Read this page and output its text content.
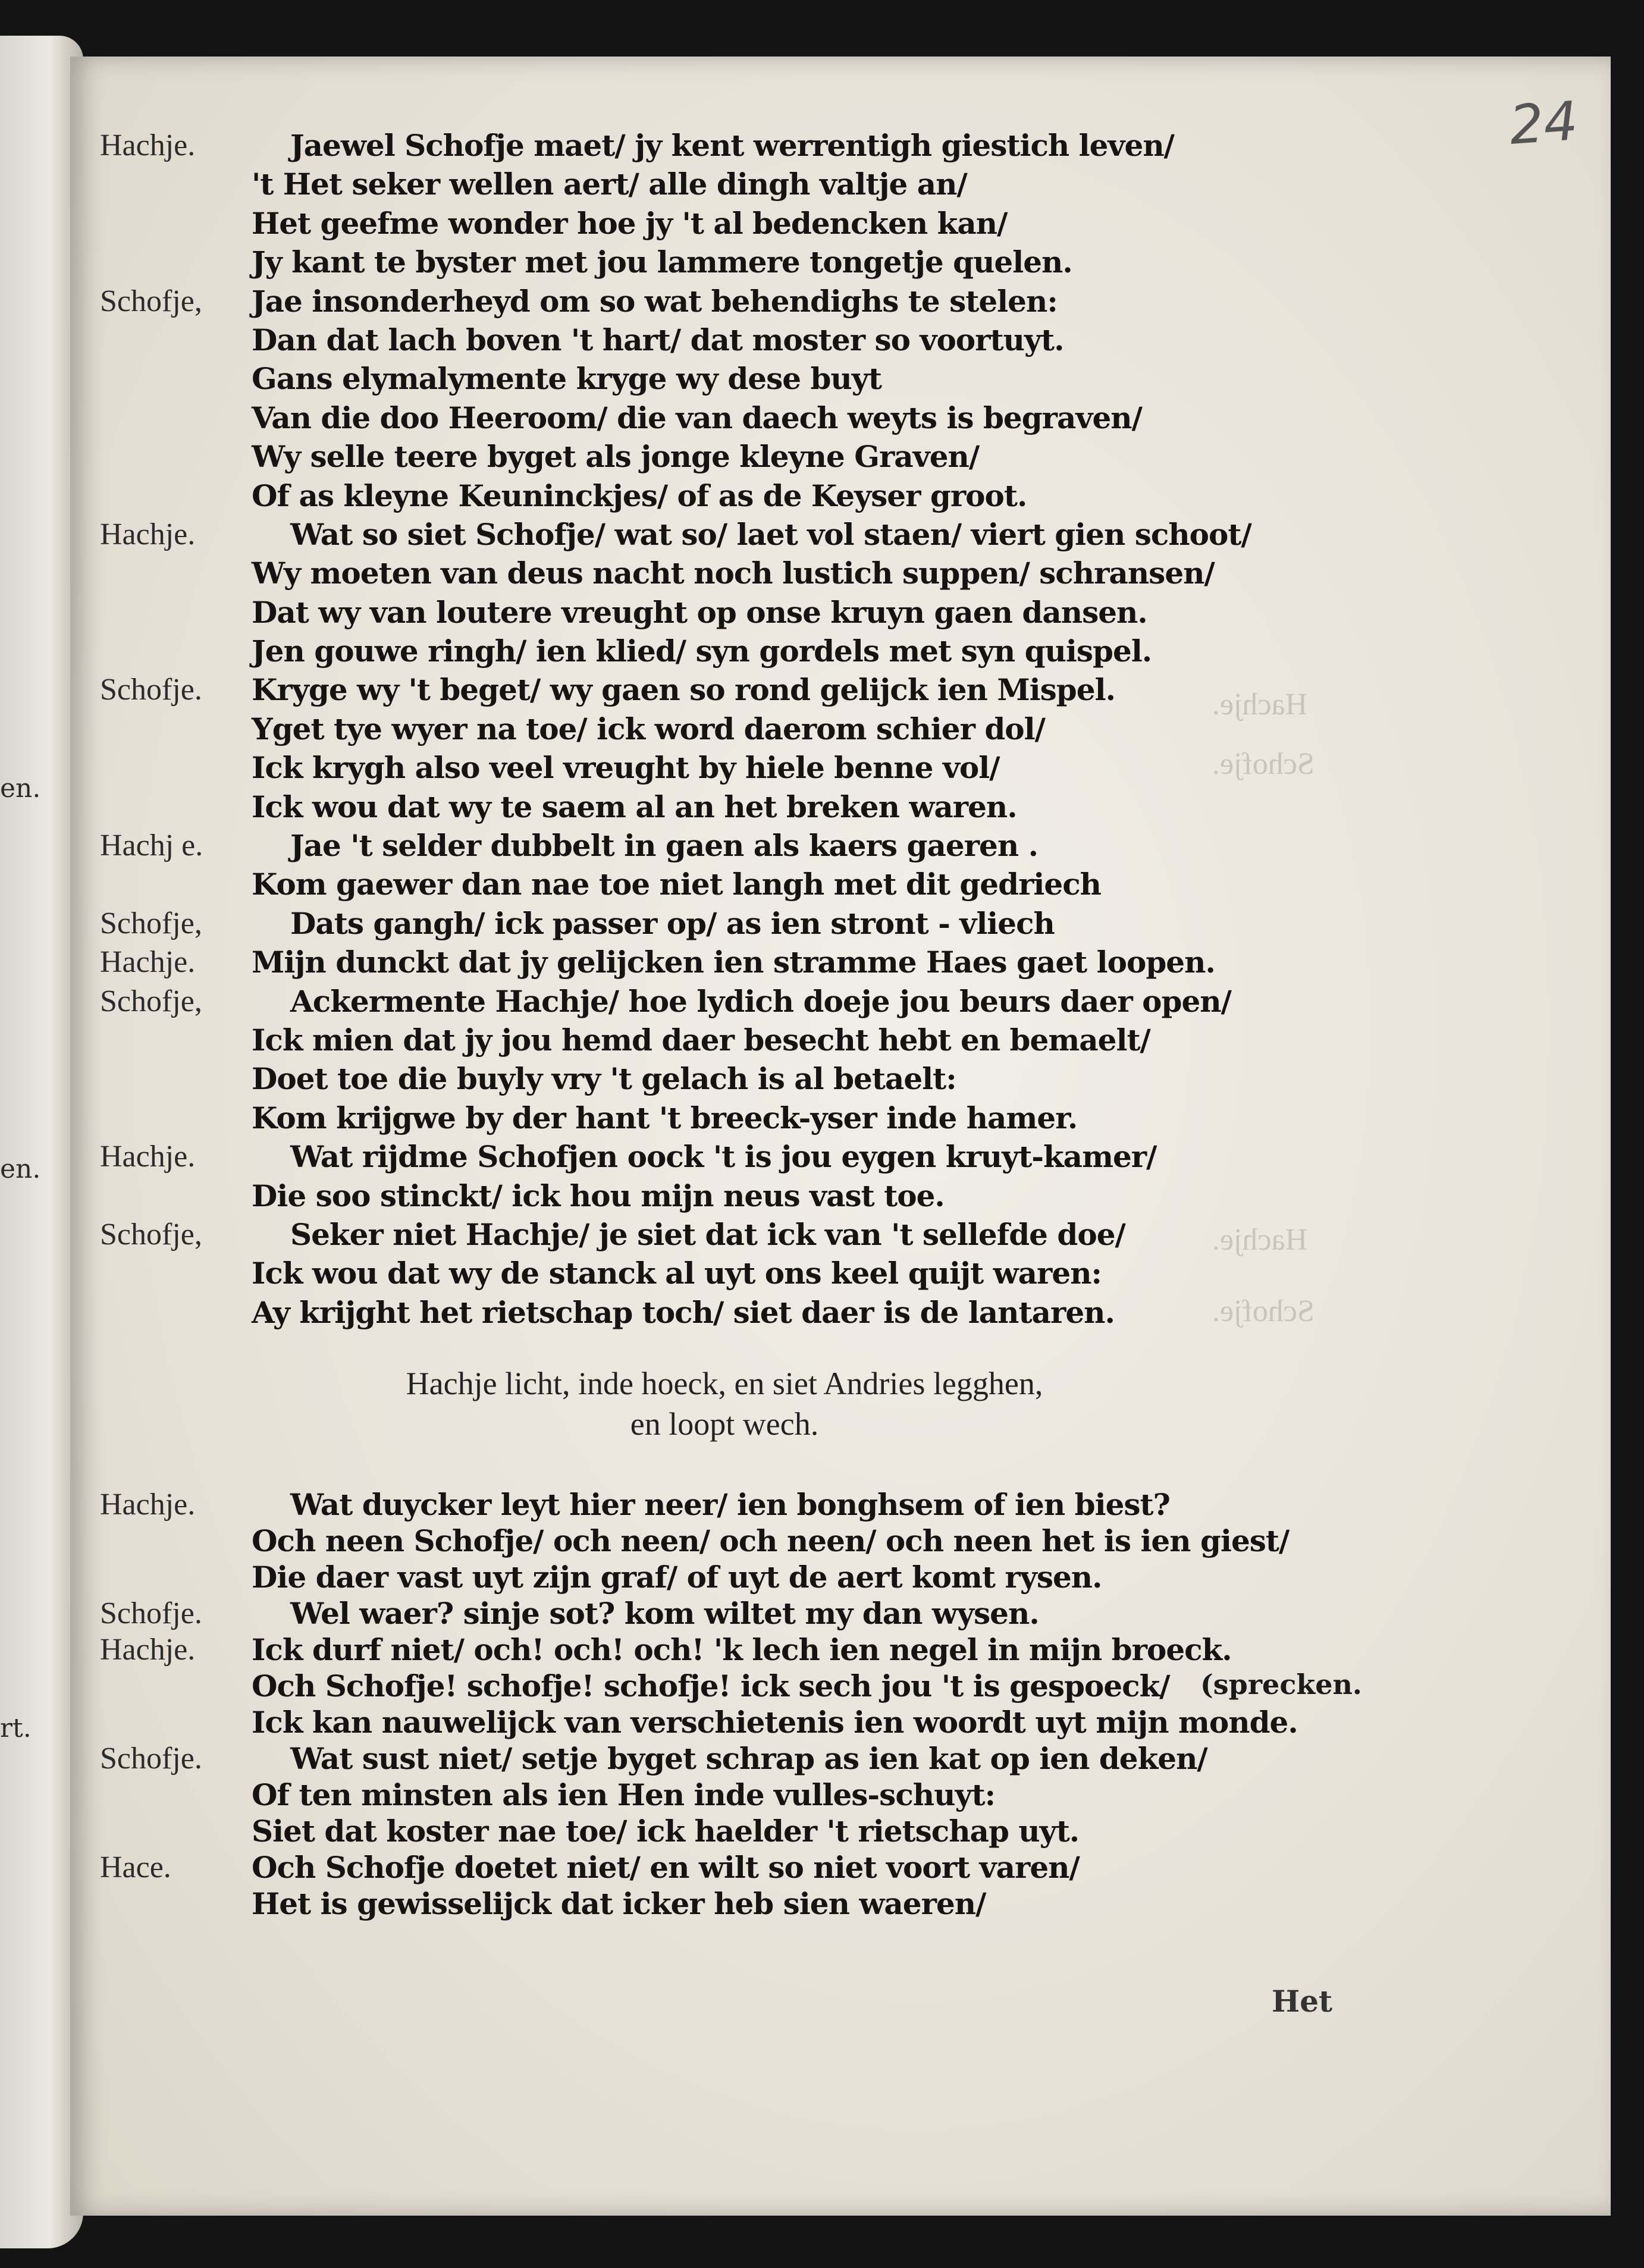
en.
en.
rt.
24
Hachje.
Schofje.
Hachje.
Schofje.
Hachje.	Jaewel Schofje maet/ jy kent werrentigh giestich leven/
't Het seker wellen aert/ alle dingh valtje an/
Het geefme wonder hoe jy 't al bedencken kan/
Jy kant te byster met jou lammere tongetje quelen.
Schofje, Jae insonderheyd om so wat behendighs te stelen:
Dan dat lach boven 't hart/ dat moster so voortuyt.
Gans elymalymente kryge wy dese buyt
Van die doo Heeroom/ die van daech weyts is begraven/
Wy selle teere byget als jonge kleyne Graven/
Of as kleyne Keuninckjes/ of as de Keyser groot.
Hachje.	Wat so siet Schofje/ wat so/ laet vol staen/ viert gien schoot/
Wy moeten van deus nacht noch lustich suppen/ schransen/
Dat wy van loutere vreught op onse kruyn gaen dansen.
Jen gouwe ringh/ ien klied/ syn gordels met syn quispel.
Schofje. Kryge wy 't beget/ wy gaen so rond gelijck ien Mispel.
Yget tye wyer na toe/ ick word daerom schier dol/
Ick krygh also veel vreught by hiele benne vol/
Ick wou dat wy te saem al an het breken waren.
Hachj e.	Jae 't selder dubbelt in gaen als kaers gaeren .
Kom gaewer dan nae toe niet langh met dit gedriech
Schofje,	Dats gangh/ ick passer op/ as ien stront - vliech
Hachje. Mijn dunckt dat jy gelijcken ien stramme Haes gaet loopen.
Schofje,	Ackermente Hachje/ hoe lydich doeje jou beurs daer open/
Ick mien dat jy jou hemd daer besecht hebt en bemaelt/
Doet toe die buyly vry 't gelach is al betaelt:
Kom krijgwe by der hant 't breeck-yser inde hamer.
Hachje.	Wat rijdme Schofjen oock 't is jou eygen kruyt-kamer/
Die soo stinckt/ ick hou mijn neus vast toe.
Schofje,	Seker niet Hachje/ je siet dat ick van 't sellefde doe/
Ick wou dat wy de stanck al uyt ons keel quijt waren:
Ay krijght het rietschap toch/ siet daer is de lantaren.
Hachje licht, inde hoeck, en siet Andries legghen,
en loopt wech.
Hachje.	Wat duycker leyt hier neer/ ien bonghsem of ien biest?
Och neen Schofje/ och neen/ och neen/ och neen het is ien giest/
Die daer vast uyt zijn graf/ of uyt de aert komt rysen.
Schofje.	Wel waer? sinje sot? kom wiltet my dan wysen.
Hachje. Ick durf niet/ och! och! och! 'k lech ien negel in mijn broeck.
Och Schofje! schofje! schofje! ick sech jou 't is gespoeck/ (sprecken.
Ick kan nauwelijck van verschietenis ien woordt uyt mijn monde.
Schofje.	Wat sust niet/ setje byget schrap as ien kat op ien deken/
Of ten minsten als ien Hen inde vulles-schuyt:
Siet dat koster nae toe/ ick haelder 't rietschap uyt.
Hace.	Och Schofje doetet niet/ en wilt so niet voort varen/
Het is gewisselijck dat icker heb sien waeren/
Het
